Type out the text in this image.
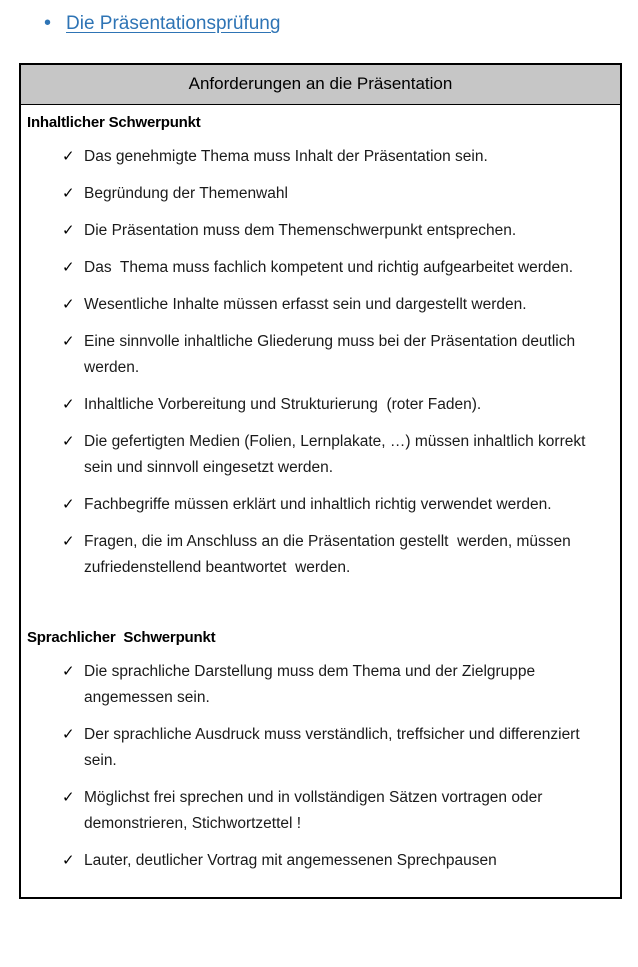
• Die Präsentationsprüfung
Anforderungen an die Präsentation
Inhaltlicher Schwerpunkt
✓ Das genehmigte Thema muss Inhalt der Präsentation sein.
✓ Begründung der Themenwahl
✓ Die Präsentation muss dem Themenschwerpunkt entsprechen.
✓ Das  Thema muss fachlich kompetent und richtig aufgearbeitet werden.
✓ Wesentliche Inhalte müssen erfasst sein und dargestellt werden.
✓ Eine sinnvolle inhaltliche Gliederung muss bei der Präsentation deutlich werden.
✓ Inhaltliche Vorbereitung und Strukturierung  (roter Faden).
✓ Die gefertigten Medien (Folien, Lernplakate, …) müssen inhaltlich korrekt sein und sinnvoll eingesetzt werden.
✓ Fachbegriffe müssen erklärt und inhaltlich richtig verwendet werden.
✓ Fragen, die im Anschluss an die Präsentation gestellt  werden, müssen zufriedenstellend beantwortet  werden.
Sprachlicher  Schwerpunkt
✓ Die sprachliche Darstellung muss dem Thema und der Zielgruppe angemessen sein.
✓ Der sprachliche Ausdruck muss verständlich, treffsicher und differenziert sein.
✓ Möglichst frei sprechen und in vollständigen Sätzen vortragen oder demonstrieren, Stichwortzettel !
✓ Lauter, deutlicher Vortrag mit angemessenen Sprechpausen
